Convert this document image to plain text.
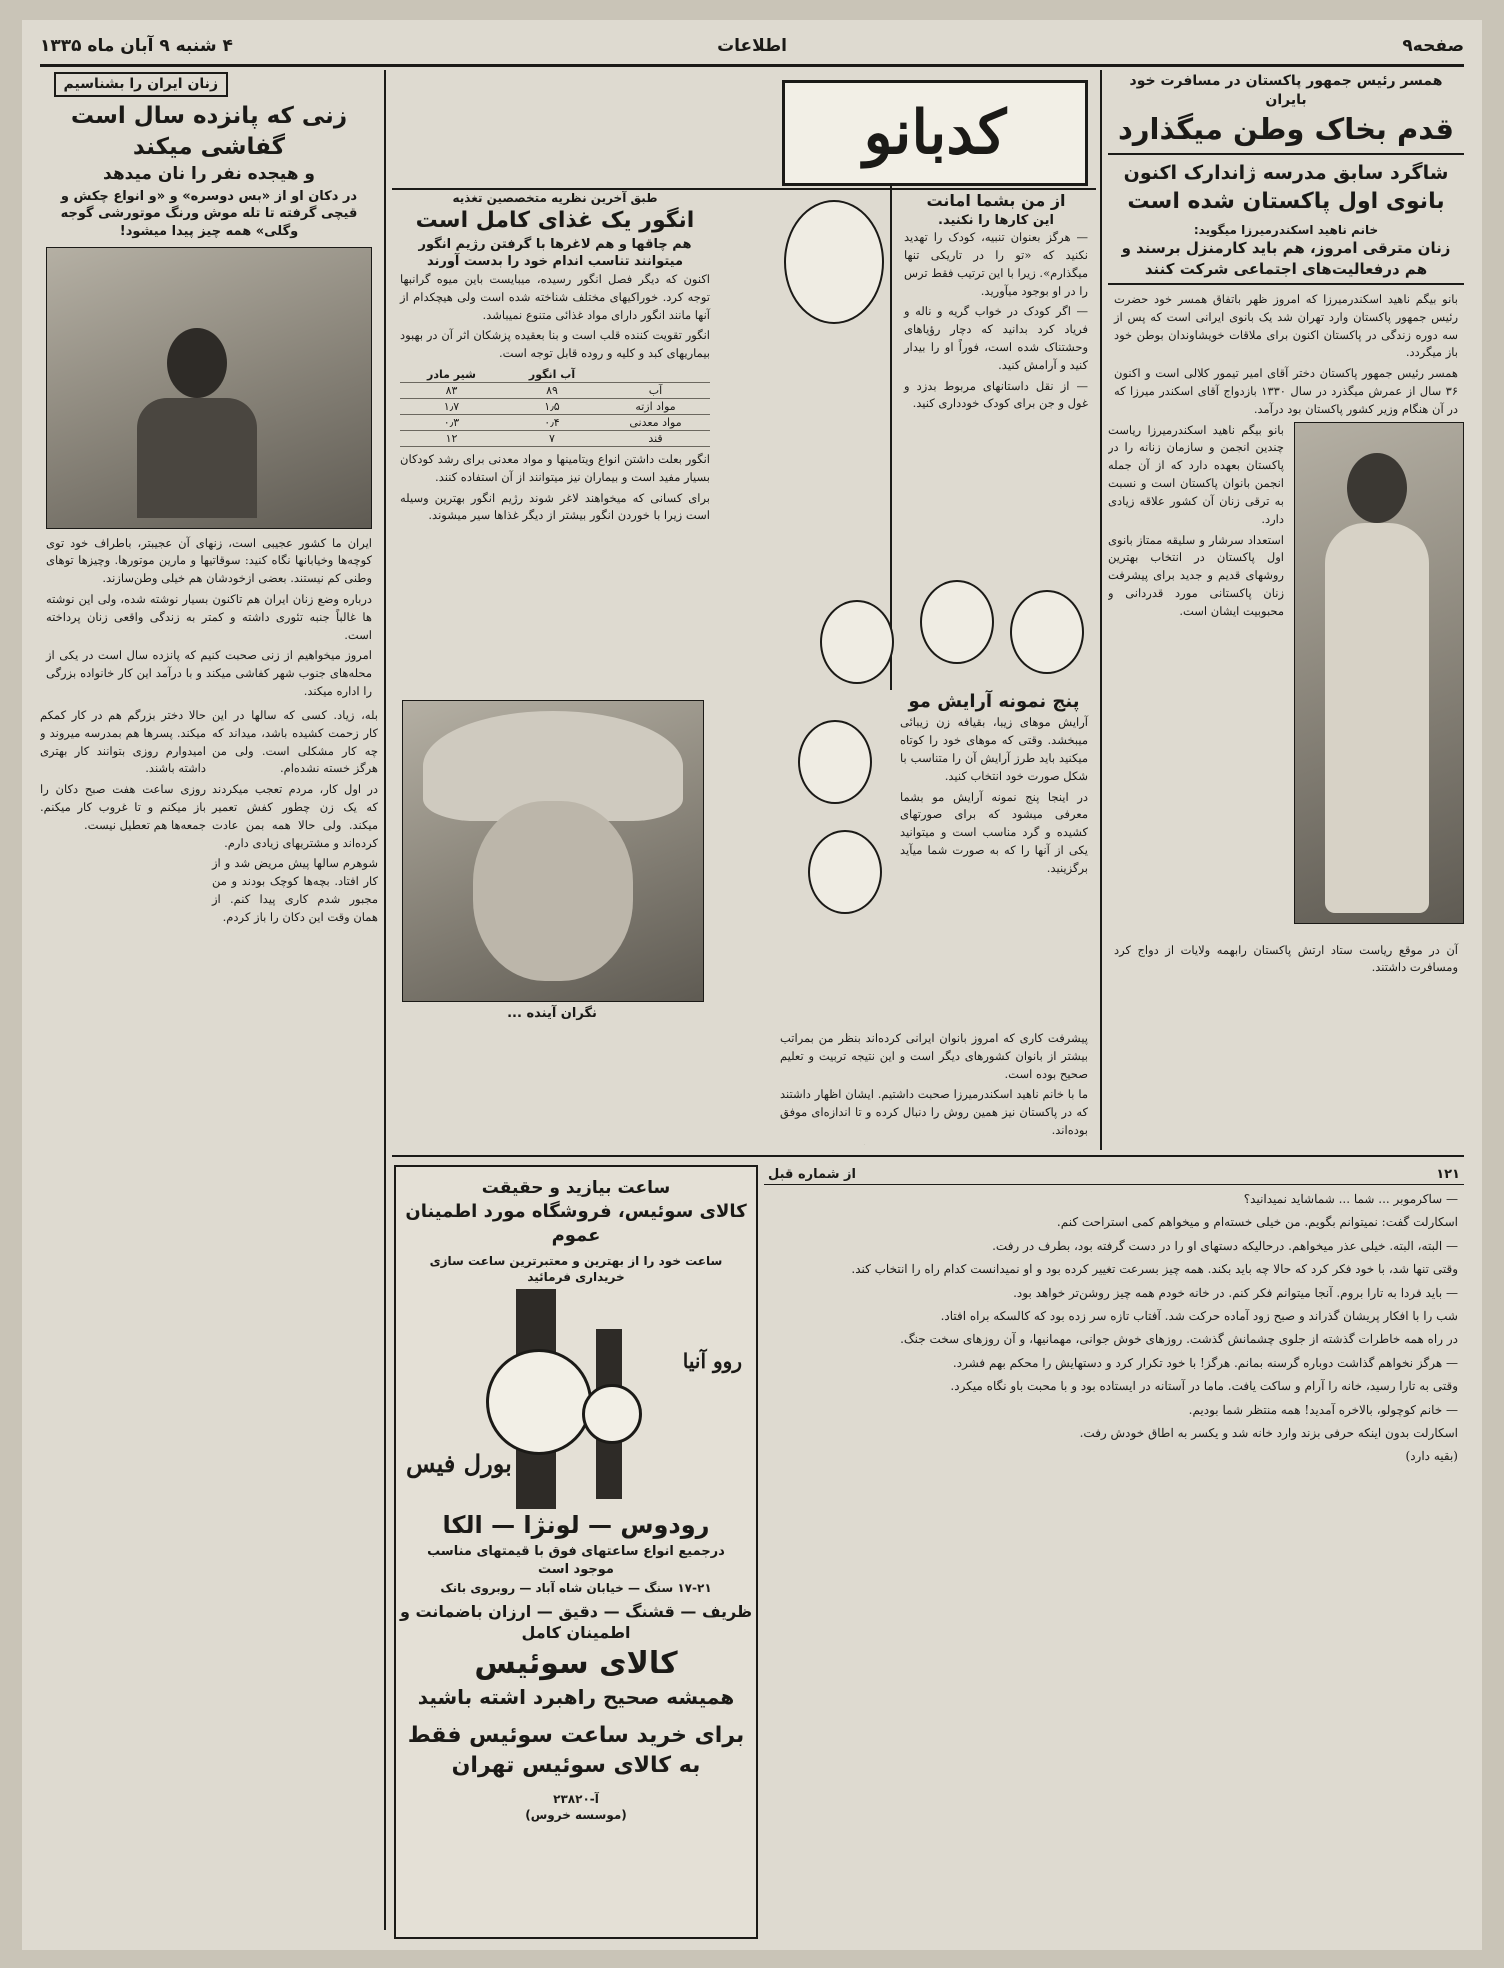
صفحه۹
اطلاعات
۴ شنبه ۹ آبان ماه ۱۳۳۵

همسر رئیس جمهور پاکستان در مسافرت خود بایران

قدم بخاک وطن میگذارد

شاگرد سابق مدرسه ژاندارک اکنون

بانوی اول پاکستان شده است

خانم ناهید اسکندرمیرزا میگوید:

زنان مترقی امروز، هم باید کارمنزل برسند و هم درفعالیت‌های اجتماعی شرکت کنند

بانو بیگم ناهید اسکندرمیرزا که امروز ظهر باتفاق همسر خود حضرت رئیس جمهور پاکستان وارد تهران شد یک بانوی ایرانی است که پس از سه دوره زندگی در پاکستان اکنون برای ملاقات خویشاوندان بوطن خود باز میگردد.

همسر رئیس جمهور پاکستان دختر آقای امیر تیمور کلالی است و اکنون ۳۶ سال از عمرش میگذرد در سال ۱۳۳۰ بازدواج آقای اسکندر میرزا که در آن هنگام وزیر کشور پاکستان بود درآمد.

بانو بیگم ناهید اسکندرمیرزا ریاست چندین انجمن و سازمان زنانه را در پاکستان بعهده دارد که از آن جمله انجمن بانوان پاکستان است و نسبت به ترقی زنان آن کشور علاقه زیادی دارد.

استعداد سرشار و سلیقه ممتاز بانوی اول پاکستان در انتخاب بهترین روشهای قدیم و جدید برای پیشرفت زنان پاکستانی مورد قدردانی و محبوبیت ایشان است.

آن در موقع ریاست ستاد ارتش پاکستان رابهمه ولایات از دواج کرد ومسافرت داشتند.

کدبانو

از من بشما امانت

این کارها را نکنید.

— هرگز بعنوان تنبیه، کودک را تهدید نکنید که «تو را در تاریکی تنها میگذارم». زیرا با این ترتیب فقط ترس را در او بوجود میآورید.

— اگر کودک در خواب گریه و ناله و فریاد کرد بدانید که دچار رؤیاهای وحشتناک شده است، فوراً او را بیدار کنید و آرامش کنید.

— از نقل داستانهای مربوط بدزد و غول و جن برای کودک خودداری کنید.

پنج نمونه آرایش مو

آرایش موهای زیبا، بقیافه زن زیبائی میبخشد. وقتی که موهای خود را کوتاه میکنید باید طرز آرایش آن را متناسب با شکل صورت خود انتخاب کنید.

در اینجا پنج نمونه آرایش مو بشما معرفی میشود که برای صورتهای کشیده و گرد مناسب است و میتوانید یکی از آنها را که به صورت شما میآید برگزینید.

طبق آخرین نظریه متخصصین تغذیه

انگور یک غذای کامل است

هم چاقها و هم لاغرها با گرفتن رژیم انگور میتوانند تناسب اندام خود را بدست آورند

اکنون که دیگر فصل انگور رسیده، میبایست باین میوه گرانبها توجه کرد. خوراکیهای مختلف شناخته شده است ولی هیچکدام از آنها مانند انگور دارای مواد غذائی متنوع نمیباشد.

انگور تقویت کننده قلب است و بنا بعقیده پزشکان اثر آن در بهبود بیماریهای کبد و کلیه و روده قابل توجه است.

	آب انگور	شیر مادر
آب	۸۹	۸۳
مواد ازته	۱٫۵	۱٫۷
مواد معدنی	۰٫۴	۰٫۳
قند	۷	۱۲

انگور بعلت داشتن انواع ویتامینها و مواد معدنی برای رشد کودکان بسیار مفید است و بیماران نیز میتوانند از آن استفاده کنند.

برای کسانی که میخواهند لاغر شوند رژیم انگور بهترین وسیله است زیرا با خوردن انگور بیشتر از دیگر غذاها سیر میشوند.

نگران آینده ...

پیشرفت کاری که امروز بانوان ایرانی کرده‌اند بنظر من بمراتب بیشتر از بانوان کشورهای دیگر است و این نتیجه تربیت و تعلیم صحیح بوده است.

ما با خانم ناهید اسکندرمیرزا صحبت داشتیم. ایشان اظهار داشتند که در پاکستان نیز همین روش را دنبال کرده و تا اندازه‌ای موفق بوده‌اند.

۱۲۱
از شماره قبل

— ساکرموبر ... شما ... شماشاید نمیدانید؟

اسکارلت گفت: نمیتوانم بگویم. من خیلی خسته‌ام و میخواهم کمی استراحت کنم.

— البته، البته. خیلی عذر میخواهم. درحالیکه دستهای او را در دست گرفته بود، بطرف در رفت.

وقتی تنها شد، با خود فکر کرد که حالا چه باید بکند. همه چیز بسرعت تغییر کرده بود و او نمیدانست کدام راه را انتخاب کند.

— باید فردا به تارا بروم. آنجا میتوانم فکر کنم. در خانه خودم همه چیز روشن‌تر خواهد بود.

شب را با افکار پریشان گذراند و صبح زود آماده حرکت شد. آفتاب تازه سر زده بود که کالسکه براه افتاد.

در راه همه خاطرات گذشته از جلوی چشمانش گذشت. روزهای خوش جوانی، مهمانیها، و آن روزهای سخت جنگ.

— هرگز نخواهم گذاشت دوباره گرسنه بمانم. هرگز! با خود تکرار کرد و دستهایش را محکم بهم فشرد.

وقتی به تارا رسید، خانه را آرام و ساکت یافت. ماما در آستانه در ایستاده بود و با محبت باو نگاه میکرد.

— خانم کوچولو، بالاخره آمدید! همه منتظر شما بودیم.

اسکارلت بدون اینکه حرفی بزند وارد خانه شد و یکسر به اطاق خودش رفت.

(بقیه دارد)

ساعت بیازید و حقیقت

کالای سوئیس، فروشگاه مورد اطمینان عموم

ساعت خود را از بهترین و معتبرترین ساعت سازی خریداری فرمائید

روو آنیا
بورل فیس

رودوس — لونژا — الکا

درجمیع انواع ساعتهای فوق با قیمتهای مناسب موجود است

۱۷-۲۱ سنگ — خیابان شاه آباد — روبروی بانک

ظریف — قشنگ — دقیق — ارزان باضمانت و اطمینان کامل

کالای سوئیس

همیشه صحیح راهبرد اشته باشید

برای خرید ساعت سوئیس فقط به کالای سوئیس تهران

آ-۲۳۸۲۰

(موسسه خروس)

زنان ایران را بشناسیم

زنی که پانزده سال است گفاشی میکند

و هیجده نفر را نان میدهد

در دکان او از «بس دوسره» و «و انواع چکش و قیچی گرفته تا تله موش ورنگ موتورشی گوجه وگلی» همه چیز پیدا میشود!

ایران ما کشور عجیبی است، زنهای آن عجیبتر، باطراف خود توی کوچه‌ها وخیابانها نگاه کنید: سوقاتیها و مارین موتورها. وچیزها توهای وطنی کم نیستند. بعضی ازخودشان هم خیلی وطن‌سازند.

درباره وضع زنان ایران هم تاکنون بسیار نوشته شده، ولی این نوشته ها غالباً جنبه تئوری داشته و کمتر به زندگی واقعی زنان پرداخته است.

امروز میخواهیم از زنی صحبت کنیم که پانزده سال است در یکی از محله‌های جنوب شهر کفاشی میکند و با درآمد این کار خانواده بزرگی را اداره میکند.

بله، زیاد. کسی که سالها در این کار زحمت کشیده باشد، میداند که چه کار مشکلی است. ولی من هرگز خسته نشده‌ام.

در اول کار، مردم تعجب میکردند که یک زن چطور کفش تعمیر میکند. ولی حالا همه بمن عادت کرده‌اند و مشتریهای زیادی دارم.

شوهرم سالها پیش مریض شد و از کار افتاد. بچه‌ها کوچک بودند و من مجبور شدم کاری پیدا کنم. از همان وقت این دکان را باز کردم.

حالا دختر بزرگم هم در کار کمکم میکند. پسرها هم بمدرسه میروند و امیدوارم روزی بتوانند کار بهتری داشته باشند.

روزی ساعت هفت صبح دکان را باز میکنم و تا غروب کار میکنم. جمعه‌ها هم تعطیل نیست.
